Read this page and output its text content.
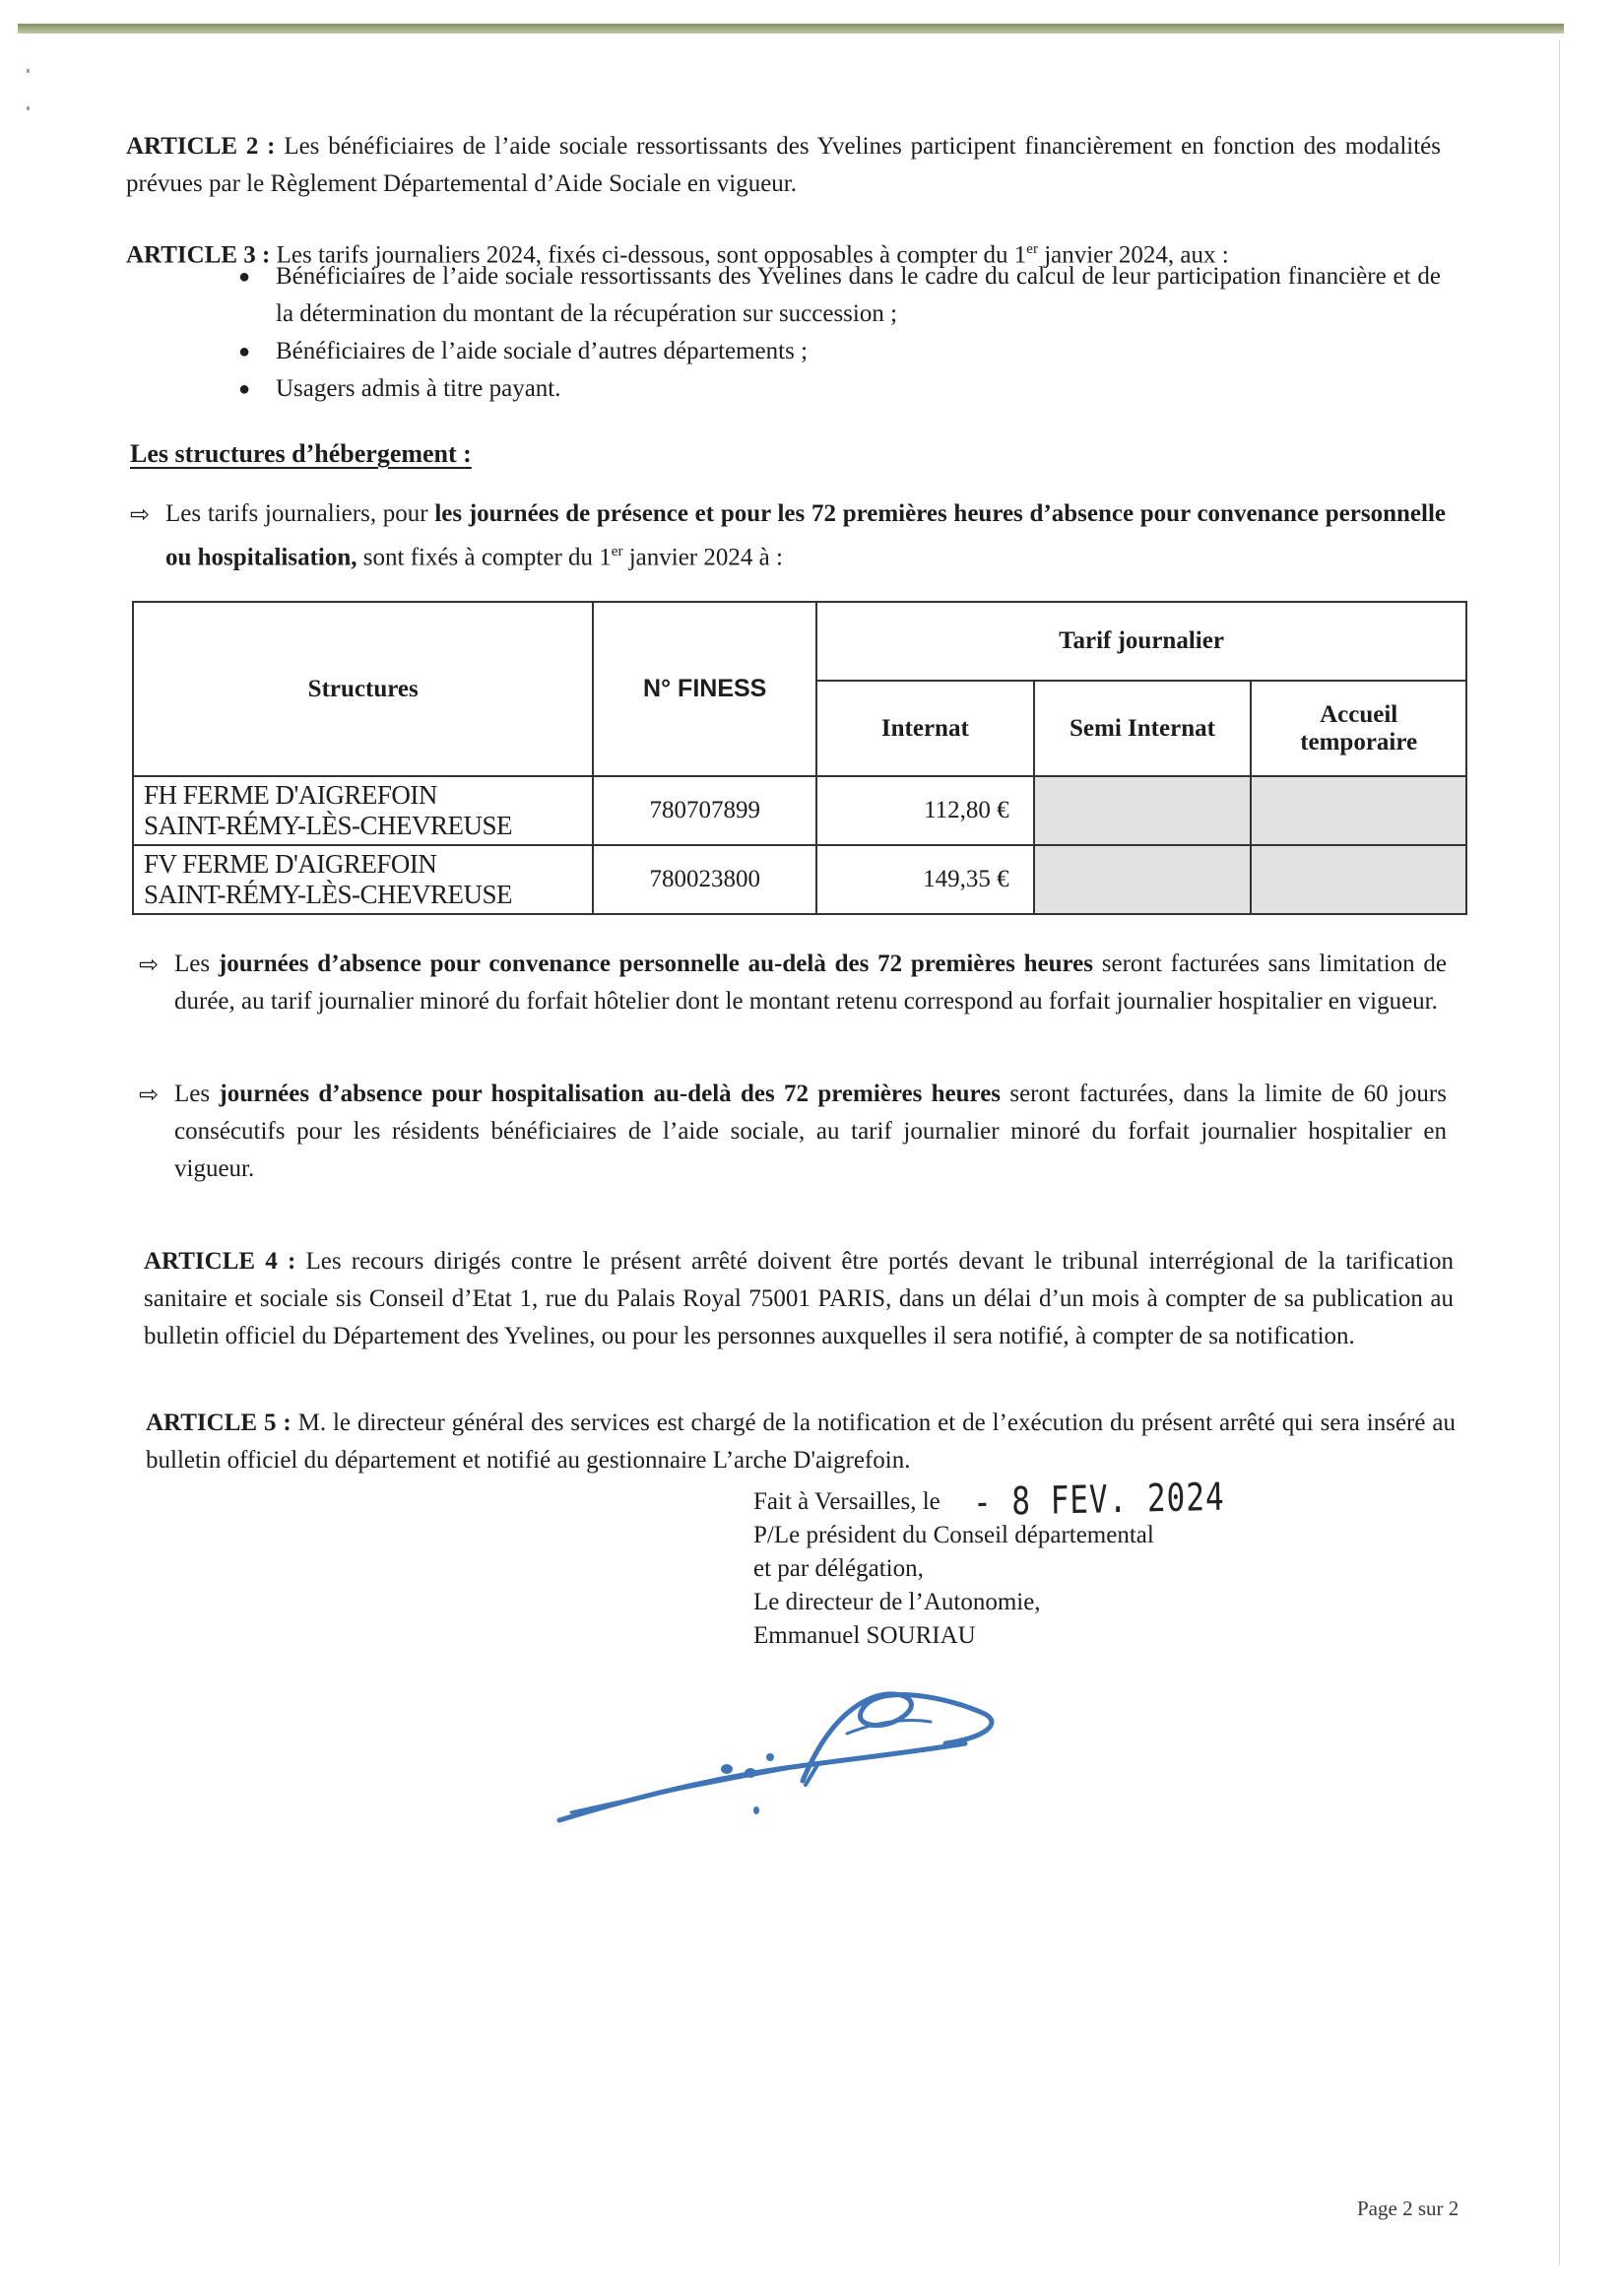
ARTICLE 2 : Les bénéficiaires de l’aide sociale ressortissants des Yvelines participent financièrement en fonction des modalités prévues par le Règlement Départemental d’Aide Sociale en vigueur.

ARTICLE 3 : Les tarifs journaliers 2024, fixés ci-dessous, sont opposables à compter du 1er janvier 2024, aux :

● Bénéficiaires de l’aide sociale ressortissants des Yvelines dans le cadre du calcul de leur participation financière et de la détermination du montant de la récupération sur succession ;
● Bénéficiaires de l’aide sociale d’autres départements ;
● Usagers admis à titre payant.

Les structures d’hébergement :

⇨ Les tarifs journaliers, pour les journées de présence et pour les 72 premières heures d’absence pour convenance personnelle ou hospitalisation, sont fixés à compter du 1er janvier 2024 à :

Structures	N° FINESS	Tarif journalier		
		Internat	Semi Internat	Accueil
temporaire

FH FERME D'AIGREFOIN
SAINT-RÉMY-LÈS-CHEVREUSE	780707899	112,80 €		

FV FERME D'AIGREFOIN
SAINT-RÉMY-LÈS-CHEVREUSE	780023800	149,35 €		

⇨ Les journées d’absence pour convenance personnelle au-delà des 72 premières heures seront facturées sans limitation de durée, au tarif journalier minoré du forfait hôtelier dont le montant retenu correspond au forfait journalier hospitalier en vigueur.

⇨ Les journées d’absence pour hospitalisation au-delà des 72 premières heures seront facturées, dans la limite de 60 jours consécutifs pour les résidents bénéficiaires de l’aide sociale, au tarif journalier minoré du forfait journalier hospitalier en vigueur.

ARTICLE 4 : Les recours dirigés contre le présent arrêté doivent être portés devant le tribunal interrégional de la tarification sanitaire et sociale sis Conseil d’Etat 1, rue du Palais Royal 75001 PARIS, dans un délai d’un mois à compter de sa publication au bulletin officiel du Département des Yvelines, ou pour les personnes auxquelles il sera notifié, à compter de sa notification.

ARTICLE 5 : M. le directeur général des services est chargé de la notification et de l’exécution du présent arrêté qui sera inséré au bulletin officiel du département et notifié au gestionnaire L’arche D'aigrefoin.

Fait à Versailles, le
P/Le président du Conseil départemental
et par délégation,
Le directeur de l’Autonomie,
Emmanuel SOURIAU
- 8 FEV. 2024

Page 2 sur 2
